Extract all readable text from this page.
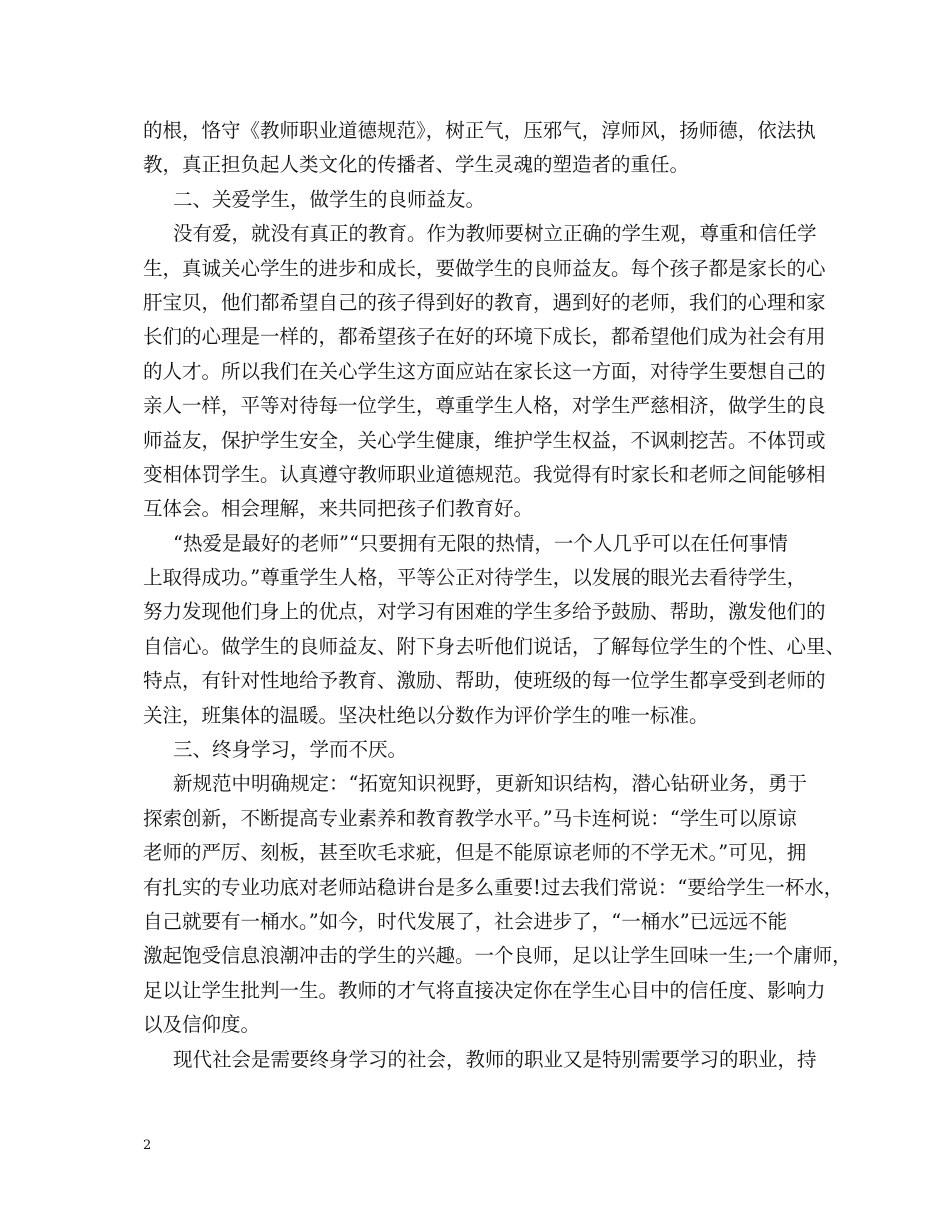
的根，恪守《教师职业道德规范》，树正气，压邪气，淳师风，扬师德，依法执
教，真正担负起人类文化的传播者、学生灵魂的塑造者的重任。
二、关爱学生，做学生的良师益友。
没有爱，就没有真正的教育。作为教师要树立正确的学生观，尊重和信任学
生，真诚关心学生的进步和成长，要做学生的良师益友。每个孩子都是家长的心
肝宝贝，他们都希望自己的孩子得到好的教育，遇到好的老师，我们的心理和家
长们的心理是一样的，都希望孩子在好的环境下成长，都希望他们成为社会有用
的人才。所以我们在关心学生这方面应站在家长这一方面，对待学生要想自己的
亲人一样，平等对待每一位学生，尊重学生人格，对学生严慈相济，做学生的良
师益友，保护学生安全，关心学生健康，维护学生权益，不讽刺挖苦。不体罚或
变相体罚学生。认真遵守教师职业道德规范。我觉得有时家长和老师之间能够相
互体会。相会理解，来共同把孩子们教育好。
“热爱是最好的老师”“只要拥有无限的热情，一个人几乎可以在任何事情
上取得成功。”尊重学生人格，平等公正对待学生，以发展的眼光去看待学生，
努力发现他们身上的优点，对学习有困难的学生多给予鼓励、帮助，激发他们的
自信心。做学生的良师益友、附下身去听他们说话，了解每位学生的个性、心里、
特点，有针对性地给予教育、激励、帮助，使班级的每一位学生都享受到老师的
关注，班集体的温暖。坚决杜绝以分数作为评价学生的唯一标准。
三、终身学习，学而不厌。
新规范中明确规定：“拓宽知识视野，更新知识结构，潜心钻研业务，勇于
探索创新，不断提高专业素养和教育教学水平。”马卡连柯说：“学生可以原谅
老师的严厉、刻板，甚至吹毛求疵，但是不能原谅老师的不学无术。”可见，拥
有扎实的专业功底对老师站稳讲台是多么重要!过去我们常说：“要给学生一杯水，
自己就要有一桶水。”如今，时代发展了，社会进步了，“一桶水”已远远不能
激起饱受信息浪潮冲击的学生的兴趣。一个良师，足以让学生回味一生;一个庸师，
足以让学生批判一生。教师的才气将直接决定你在学生心目中的信任度、影响力
以及信仰度。
现代社会是需要终身学习的社会，教师的职业又是特别需要学习的职业，持
2
